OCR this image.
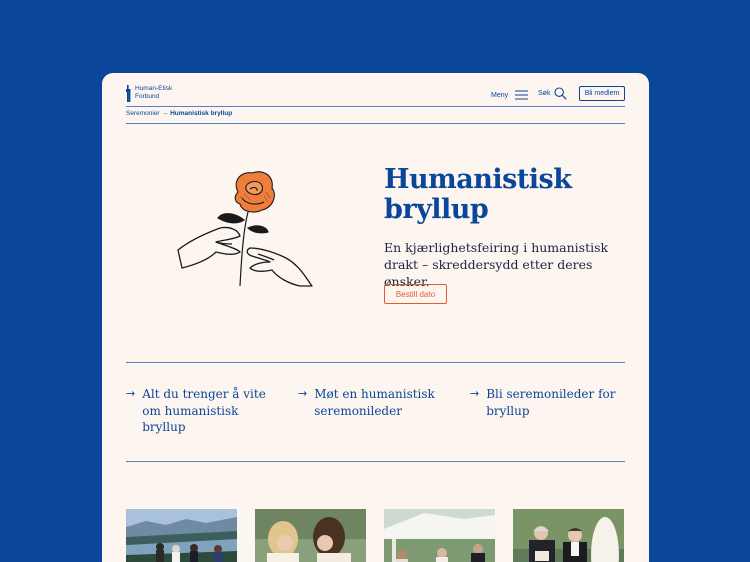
Human-Etisk
Forbund	Meny	Søk	Bli medlem
Seremonier → Humanistisk bryllup
Humanistisk
bryllup

En kjærlighetsfeiring i humanistisk drakt – skreddersydd etter deres ønsker.

Bestill dato
→ Alt du trenger å vite om humanistisk bryllup
→ Møt en humanistisk seremonileder
→ Bli seremonileder for bryllup
